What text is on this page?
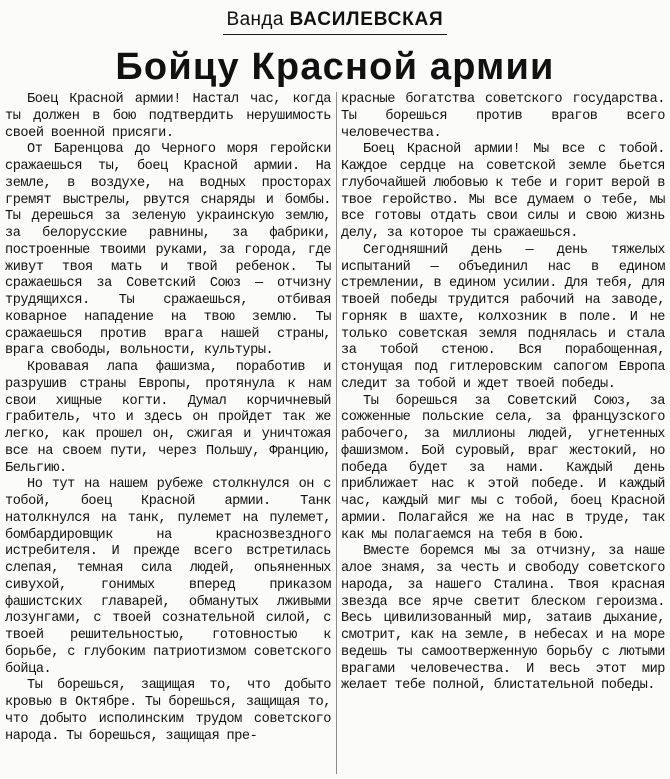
Ванда ВАСИЛЕВСКАЯ
Бойцу Красной армии

Боец Красной армии! Настал час, когда ты должен в бою подтвердить нерушимость своей военной присяги.

От Баренцова до Черного моря геройски сражаешься ты, боец Красной армии. На земле, в воздухе, на водных просторах гремят выстрелы, рвутся снаряды и бомбы. Ты дерешься за зеленую украинскую землю, за белорусские равнины, за фабрики, построенные твоими руками, за города, где живут твоя мать и твой ребенок. Ты сражаешься за Советский Союз — отчизну трудящихся. Ты сражаешься, отбивая коварное нападение на твою землю. Ты сражаешься против врага нашей страны, врага свободы, вольности, культуры.

Кровавая лапа фашизма, поработив и разрушив страны Европы, протянула к нам свои хищные когти. Думал корчичневый грабитель, что и здесь он пройдет так же легко, как прошел он, сжигая и уничтожая все на своем пути, через Польшу, Францию, Бельгию.

Но тут на нашем рубеже столкнулся он с тобой, боец Красной армии. Танк натолкнулся на танк, пулемет на пулемет, бомбардировщик на краснозвездного истребителя. И прежде всего встретилась слепая, темная сила людей, опьяненных сивухой, гонимых вперед приказом фашистских главарей, обманутых лживыми лозунгами, с твоей сознательной силой, с твоей решительностью, готовностью к борьбе, с глубоким патриотизмом советского бойца.

Ты борешься, защищая то, что добыто кровью в Октябре. Ты борешься, защищая то, что добыто исполинским трудом советского народа. Ты борешься, защищая пре-

красные богатства советского государства. Ты борешься против врагов всего человечества.

Боец Красной армии! Мы все с тобой. Каждое сердце на советской земле бьется глубочайшей любовью к тебе и горит верой в твое геройство. Мы все думаем о тебе, мы все готовы отдать свои силы и свою жизнь делу, за которое ты сражаешься.

Сегодняшний день — день тяжелых испытаний — объединил нас в едином стремлении, в едином усилии. Для тебя, для твоей победы трудится рабочий на заводе, горняк в шахте, колхозник в поле. И не только советская земля поднялась и стала за тобой стеною. Вся порабощенная, стонущая под гитлеровским сапогом Европа следит за тобой и ждет твоей победы.

Ты борешься за Советский Союз, за сожженные польские села, за французского рабочего, за миллионы людей, угнетенных фашизмом. Бой суровый, враг жестокий, но победа будет за нами. Каждый день приближает нас к этой победе. И каждый час, каждый миг мы с тобой, боец Красной армии. Полагайся же на нас в труде, так как мы полагаемся на тебя в бою.

Вместе боремся мы за отчизну, за наше алое знамя, за честь и свободу советского народа, за нашего Сталина. Твоя красная звезда все ярче светит блеском героизма. Весь цивилизованный мир, затаив дыхание, смотрит, как на земле, в небесах и на море ведешь ты самоотверженную борьбу с лютыми врагами человечества. И весь этот мир желает тебе полной, блистательной победы.
